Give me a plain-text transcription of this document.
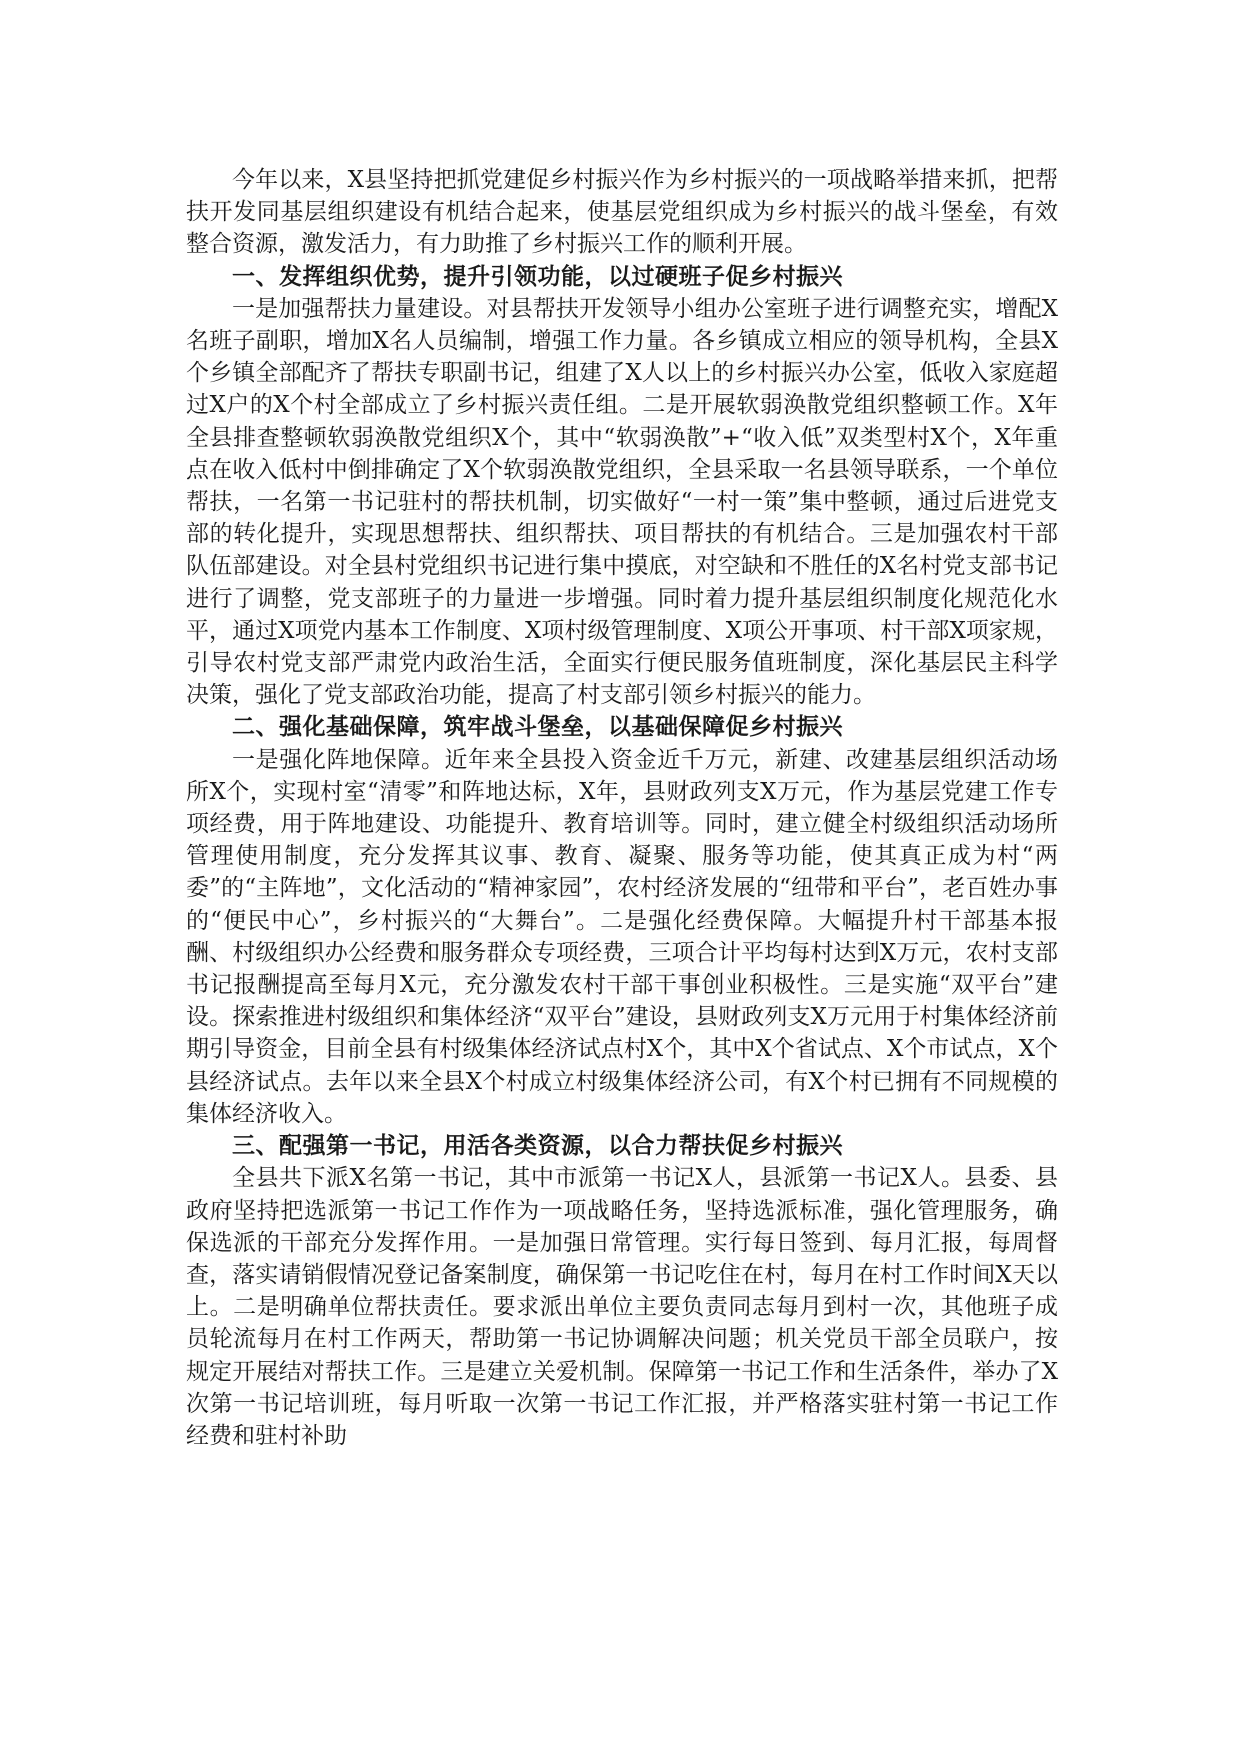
今年以来，X县坚持把抓党建促乡村振兴作为乡村振兴的一项战略举措来抓，把帮扶开发同基层组织建设有机结合起来，使基层党组织成为乡村振兴的战斗堡垒，有效整合资源，激发活力，有力助推了乡村振兴工作的顺利开展。

一、发挥组织优势，提升引领功能，以过硬班子促乡村振兴

一是加强帮扶力量建设。对县帮扶开发领导小组办公室班子进行调整充实，增配X名班子副职，增加X名人员编制，增强工作力量。各乡镇成立相应的领导机构，全县X个乡镇全部配齐了帮扶专职副书记，组建了X人以上的乡村振兴办公室，低收入家庭超过X户的X个村全部成立了乡村振兴责任组。二是开展软弱涣散党组织整顿工作。X年全县排查整顿软弱涣散党组织X个，其中“软弱涣散”+“收入低”双类型村X个，X年重点在收入低村中倒排确定了X个软弱涣散党组织，全县采取一名县领导联系，一个单位帮扶，一名第一书记驻村的帮扶机制，切实做好“一村一策”集中整顿，通过后进党支部的转化提升，实现思想帮扶、组织帮扶、项目帮扶的有机结合。三是加强农村干部队伍部建设。对全县村党组织书记进行集中摸底，对空缺和不胜任的X名村党支部书记进行了调整，党支部班子的力量进一步增强。同时着力提升基层组织制度化规范化水平，通过X项党内基本工作制度、X项村级管理制度、X项公开事项、村干部X项家规，引导农村党支部严肃党内政治生活，全面实行便民服务值班制度，深化基层民主科学决策，强化了党支部政治功能，提高了村支部引领乡村振兴的能力。

二、强化基础保障，筑牢战斗堡垒，以基础保障促乡村振兴

一是强化阵地保障。近年来全县投入资金近千万元，新建、改建基层组织活动场所X个，实现村室“清零”和阵地达标，X年，县财政列支X万元，作为基层党建工作专项经费，用于阵地建设、功能提升、教育培训等。同时，建立健全村级组织活动场所管理使用制度，充分发挥其议事、教育、凝聚、服务等功能，使其真正成为村“两委”的“主阵地”，文化活动的“精神家园”，农村经济发展的“纽带和平台”，老百姓办事的“便民中心”，乡村振兴的“大舞台”。二是强化经费保障。大幅提升村干部基本报酬、村级组织办公经费和服务群众专项经费，三项合计平均每村达到X万元，农村支部书记报酬提高至每月X元，充分激发农村干部干事创业积极性。三是实施“双平台”建设。探索推进村级组织和集体经济“双平台”建设，县财政列支X万元用于村集体经济前期引导资金，目前全县有村级集体经济试点村X个，其中X个省试点、X个市试点，X个县经济试点。去年以来全县X个村成立村级集体经济公司，有X个村已拥有不同规模的集体经济收入。

三、配强第一书记，用活各类资源，以合力帮扶促乡村振兴

全县共下派X名第一书记，其中市派第一书记X人，县派第一书记X人。县委、县政府坚持把选派第一书记工作作为一项战略任务，坚持选派标准，强化管理服务，确保选派的干部充分发挥作用。一是加强日常管理。实行每日签到、每月汇报，每周督查，落实请销假情况登记备案制度，确保第一书记吃住在村，每月在村工作时间X天以上。二是明确单位帮扶责任。要求派出单位主要负责同志每月到村一次，其他班子成员轮流每月在村工作两天，帮助第一书记协调解决问题；机关党员干部全员联户，按规定开展结对帮扶工作。三是建立关爱机制。保障第一书记工作和生活条件，举办了X次第一书记培训班，每月听取一次第一书记工作汇报，并严格落实驻村第一书记工作经费和驻村补助
